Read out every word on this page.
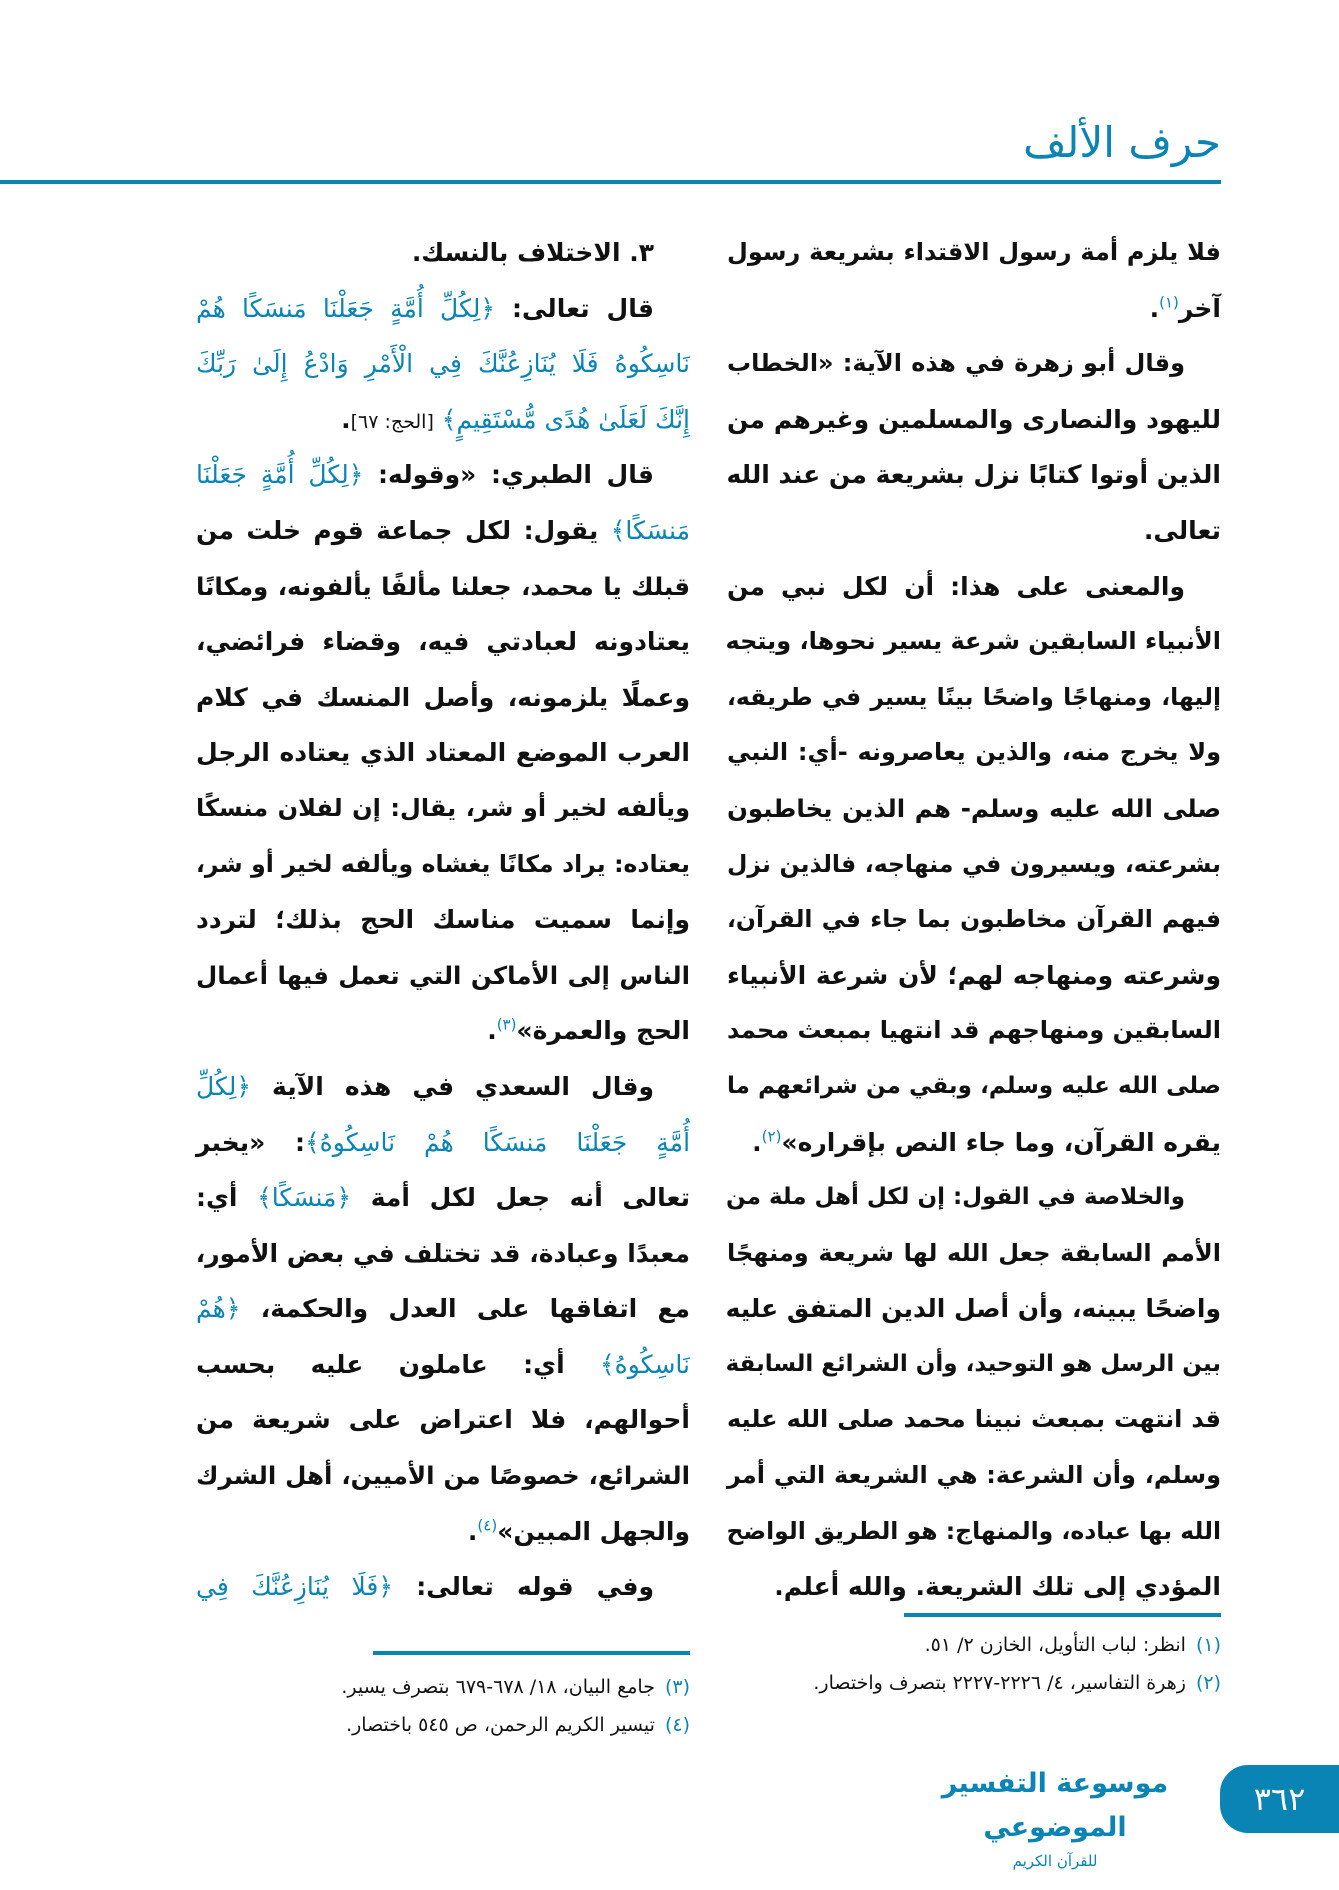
حرف الألف
فلا يلزم أمة رسول الاقتداء بشريعة رسول
آخر$^{(١)}$.
وقال أبو زهرة في هذه الآية: «الخطاب
لليهود والنصارى والمسلمين وغيرهم من
الذين أوتوا كتابًا نزل بشريعة من عند الله
تعالى.
والمعنى على هذا: أن لكل نبي من
الأنبياء السابقين شرعة يسير نحوها، ويتجه
إليها، ومنهاجًا واضحًا بينًا يسير في طريقه،
ولا يخرج منه، والذين يعاصرونه -أي: النبي
صلى الله عليه وسلم- هم الذين يخاطبون
بشرعته، ويسيرون في منهاجه، فالذين نزل
فيهم القرآن مخاطبون بما جاء في القرآن،
وشرعته ومنهاجه لهم؛ لأن شرعة الأنبياء
السابقين ومنهاجهم قد انتهيا بمبعث محمد
صلى الله عليه وسلم، وبقي من شرائعهم ما
يقره القرآن، وما جاء النص بإقراره»$^{(٢)}$.
والخلاصة في القول: إن لكل أهل ملة من
الأمم السابقة جعل الله لها شريعة ومنهجًا
واضحًا يبينه، وأن أصل الدين المتفق عليه
بين الرسل هو التوحيد، وأن الشرائع السابقة
قد انتهت بمبعث نبينا محمد صلى الله عليه
وسلم، وأن الشرعة: هي الشريعة التي أمر
الله بها عباده، والمنهاج: هو الطريق الواضح
المؤدي إلى تلك الشريعة. والله أعلم.
٣. الاختلاف بالنسك.
قال تعالى: ﴿لِكُلِّ أُمَّةٍ جَعَلْنَا مَنسَكًا هُمْ
نَاسِكُوهُ فَلَا يُنَازِعُنَّكَ فِي الْأَمْرِ وَادْعُ إِلَىٰ رَبِّكَ
إِنَّكَ لَعَلَىٰ هُدًى مُّسْتَقِيمٍ﴾ [الحج: ٦٧].
قال الطبري: «وقوله: ﴿لِكُلِّ أُمَّةٍ جَعَلْنَا
مَنسَكًا﴾ يقول: لكل جماعة قوم خلت من
قبلك يا محمد، جعلنا مألفًا يألفونه، ومكانًا
يعتادونه لعبادتي فيه، وقضاء فرائضي،
وعملًا يلزمونه، وأصل المنسك في كلام
العرب الموضع المعتاد الذي يعتاده الرجل
ويألفه لخير أو شر، يقال: إن لفلان منسكًا
يعتاده: يراد مكانًا يغشاه ويألفه لخير أو شر،
وإنما سميت مناسك الحج بذلك؛ لتردد
الناس إلى الأماكن التي تعمل فيها أعمال
الحج والعمرة»$^{(٣)}$.
وقال السعدي في هذه الآية ﴿لِكُلِّ
أُمَّةٍ جَعَلْنَا مَنسَكًا هُمْ نَاسِكُوهُ﴾: «يخبر
تعالى أنه جعل لكل أمة ﴿مَنسَكًا﴾ أي:
معبدًا وعبادة، قد تختلف في بعض الأمور،
مع اتفاقها على العدل والحكمة، ﴿هُمْ
نَاسِكُوهُ﴾ أي: عاملون عليه بحسب
أحوالهم، فلا اعتراض على شريعة من
الشرائع، خصوصًا من الأميين، أهل الشرك
والجهل المبين»$^{(٤)}$.
وفي قوله تعالى: ﴿فَلَا يُنَازِعُنَّكَ فِي
(١)انظر: لباب التأويل، الخازن ٢/ ٥١.
(٢)زهرة التفاسير، ٤/ ٢٢٢٦-٢٢٢٧ بتصرف واختصار.
(٣)جامع البيان، ١٨/ ٦٧٨-٦٧٩ بتصرف يسير.
(٤)تيسير الكريم الرحمن، ص ٥٤٥ باختصار.
موسوعة التفسير الموضوعي
للقرآن الكريم
٣٦٢
